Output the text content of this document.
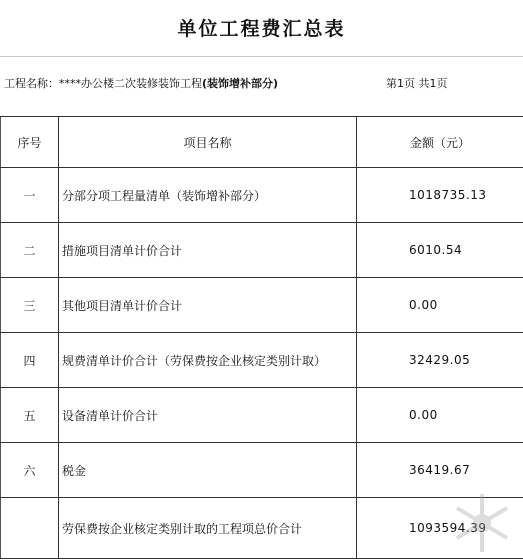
单位工程费汇总表
工程名称：****办公楼二次装修装饰工程(装饰增补部分)	第1页 共1页
序号	项目名称	金额（元）
一	分部分项工程量清单（装饰增补部分）	1018735.13
二	措施项目清单计价合计	6010.54
三	其他项目清单计价合计	0.00
四	规费清单计价合计（劳保费按企业核定类别计取）	32429.05
五	设备清单计价合计	0.00
六	税金	36419.67
	劳保费按企业核定类别计取的工程项总价合计	1093594.39
